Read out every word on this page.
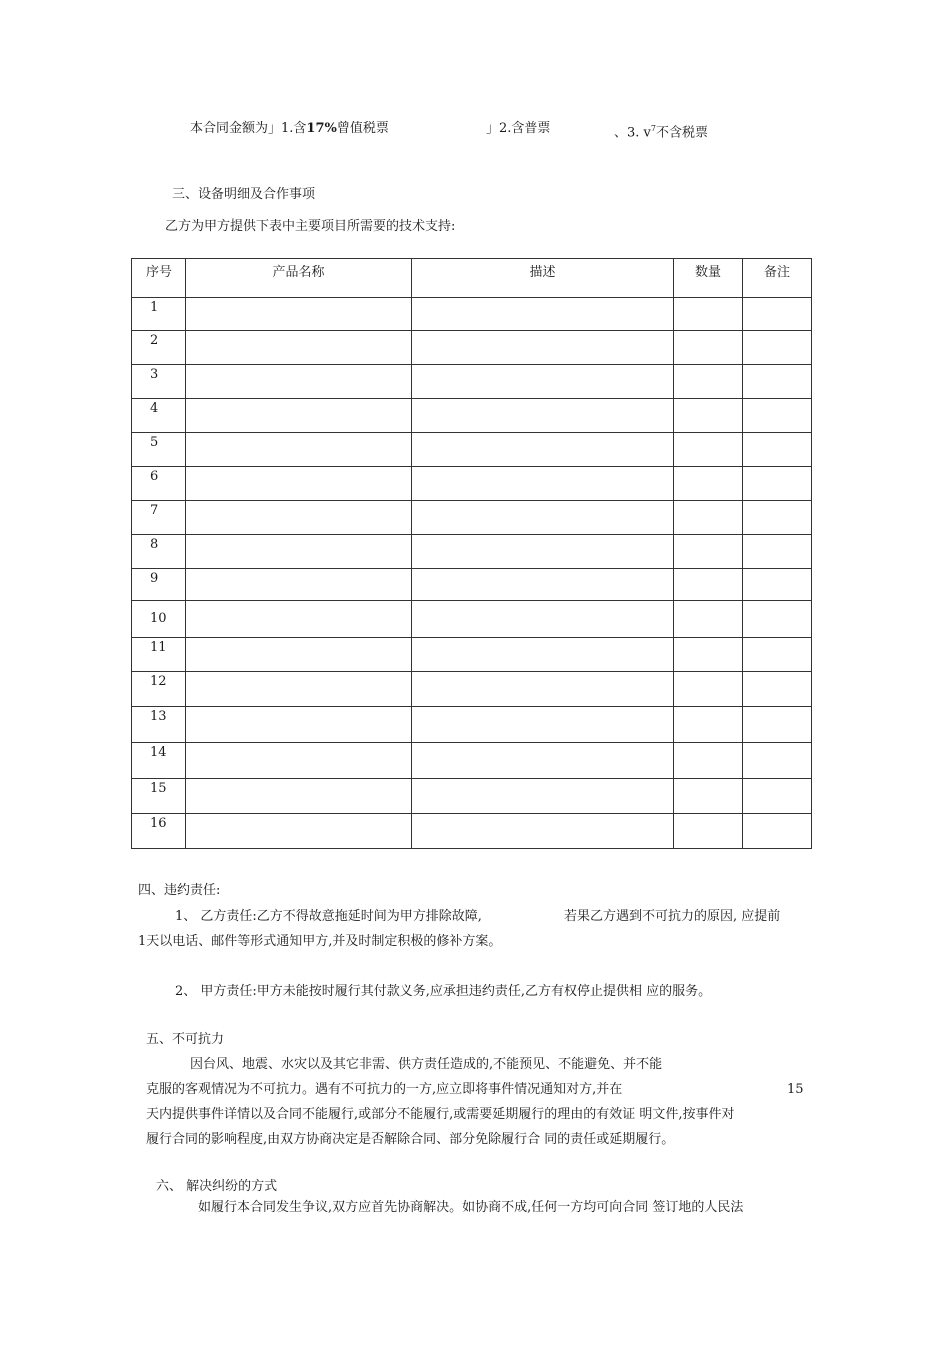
本合同金额为」1.含17%曾值税票	」2.含普票	、3. $v^7$不含税票
三、设备明细及合作事项
乙方为甲方提供下表中主要项目所需要的技术支持:
序号	产品名称	描述	数量	备注
1				
2				
3				
4				
5				
6				
7				
8				
9				
10				
11				
12				
13				
14				
15				
16				
四、违约责任:
1、 乙方责任:乙方不得故意拖延时间为甲方排除故障,	若果乙方遇到不可抗力的原因, 应提前
1天以电话、邮件等形式通知甲方,并及时制定积极的修补方案。
2、 甲方责任:甲方未能按时履行其付款义务,应承担违约责任,乙方有权停止提供相 应的服务。
五、不可抗力
因台风、地震、水灾以及其它非需、供方责任造成的,不能预见、不能避免、并不能
克服的客观情况为不可抗力。遇有不可抗力的一方,应立即将事件情况通知对方,并在	15
天内提供事件详情以及合同不能履行,或部分不能履行,或需要延期履行的理由的有效证 明文件,按事件对
履行合同的影响程度,由双方协商决定是否解除合同、部分免除履行合 同的责任或延期履行。
六、 解决纠纷的方式
如履行本合同发生争议,双方应首先协商解决。如协商不成,任何一方均可向合同 签订地的人民法
